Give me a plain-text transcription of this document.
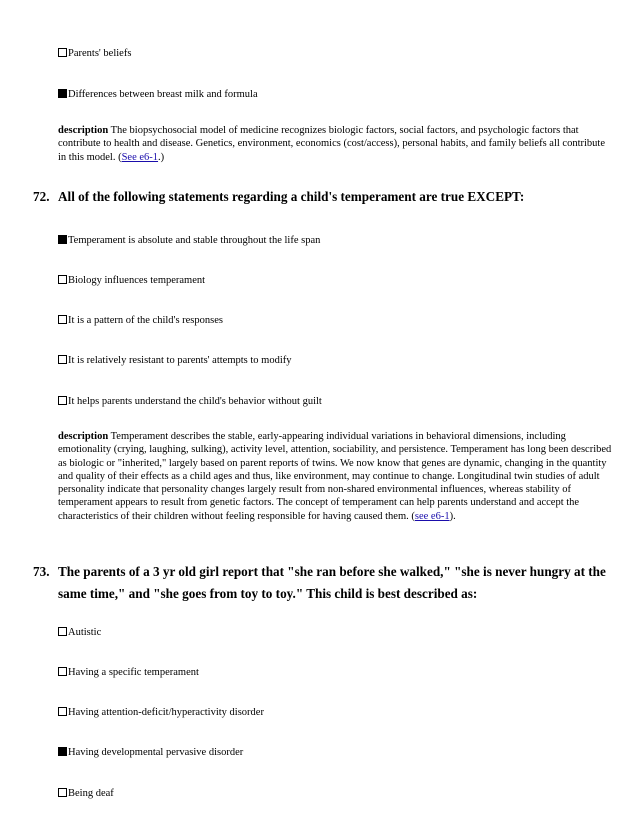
Parents' beliefs
Differences between breast milk and formula
description The biopsychosocial model of medicine recognizes biologic factors, social factors, and psychologic factors that contribute to health and disease. Genetics, environment, economics (cost/access), personal habits, and family beliefs all contribute in this model. (See e6-1.)
72. All of the following statements regarding a child's temperament are true EXCEPT:
Temperament is absolute and stable throughout the life span
Biology influences temperament
It is a pattern of the child's responses
It is relatively resistant to parents' attempts to modify
It helps parents understand the child's behavior without guilt
description Temperament describes the stable, early-appearing individual variations in behavioral dimensions, including emotionality (crying, laughing, sulking), activity level, attention, sociability, and persistence. Temperament has long been described as biologic or "inherited," largely based on parent reports of twins. We now know that genes are dynamic, changing in the quantity and quality of their effects as a child ages and thus, like environment, may continue to change. Longitudinal twin studies of adult personality indicate that personality changes largely result from non-shared environmental influences, whereas stability of temperament appears to result from genetic factors. The concept of temperament can help parents understand and accept the characteristics of their children without feeling responsible for having caused them. (see e6-1).
73. The parents of a 3 yr old girl report that "she ran before she walked," "she is never hungry at the same time," and "she goes from toy to toy." This child is best described as:
Autistic
Having a specific temperament
Having attention-deficit/hyperactivity disorder
Having developmental pervasive disorder
Being deaf
